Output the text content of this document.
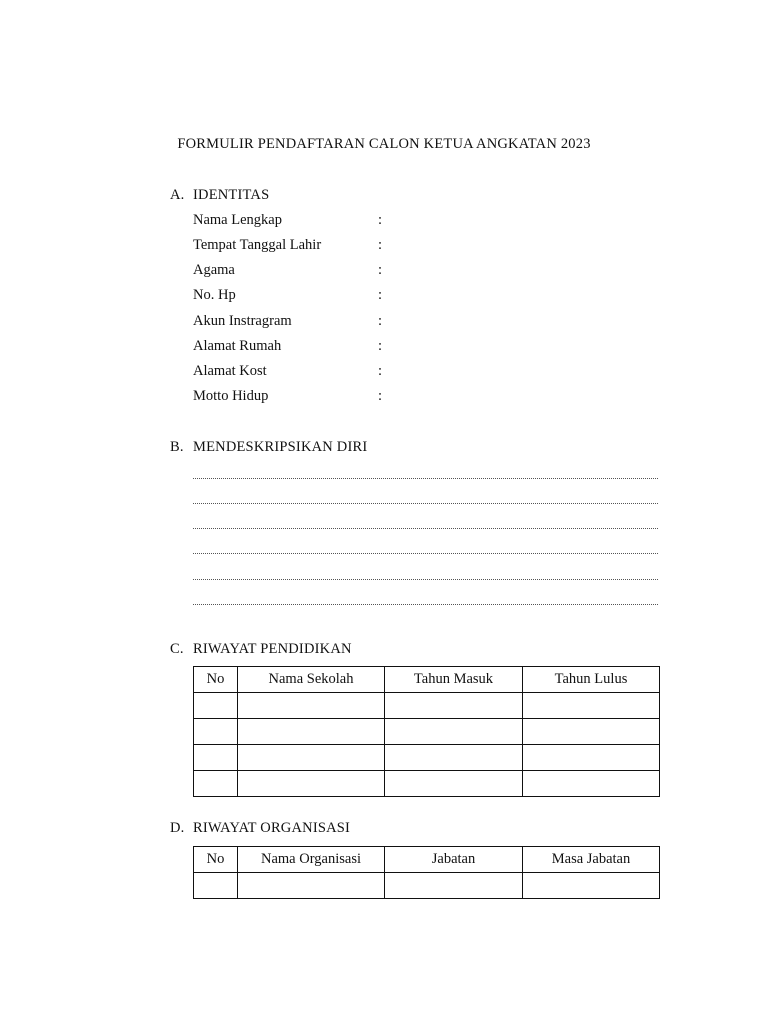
FORMULIR PENDAFTARAN CALON KETUA ANGKATAN 2023
A. IDENTITAS
Nama Lengkap	:
Tempat Tanggal Lahir	:
Agama	:
No. Hp	:
Akun Instragram	:
Alamat Rumah	:
Alamat Kost	:
Motto Hidup	:
B. MENDESKRIPSIKAN DIRI
C. RIWAYAT PENDIDIKAN
No	Nama Sekolah	Tahun Masuk	Tahun Lulus

D. RIWAYAT ORGANISASI
No	Nama Organisasi	Jabatan	Masa Jabatan
